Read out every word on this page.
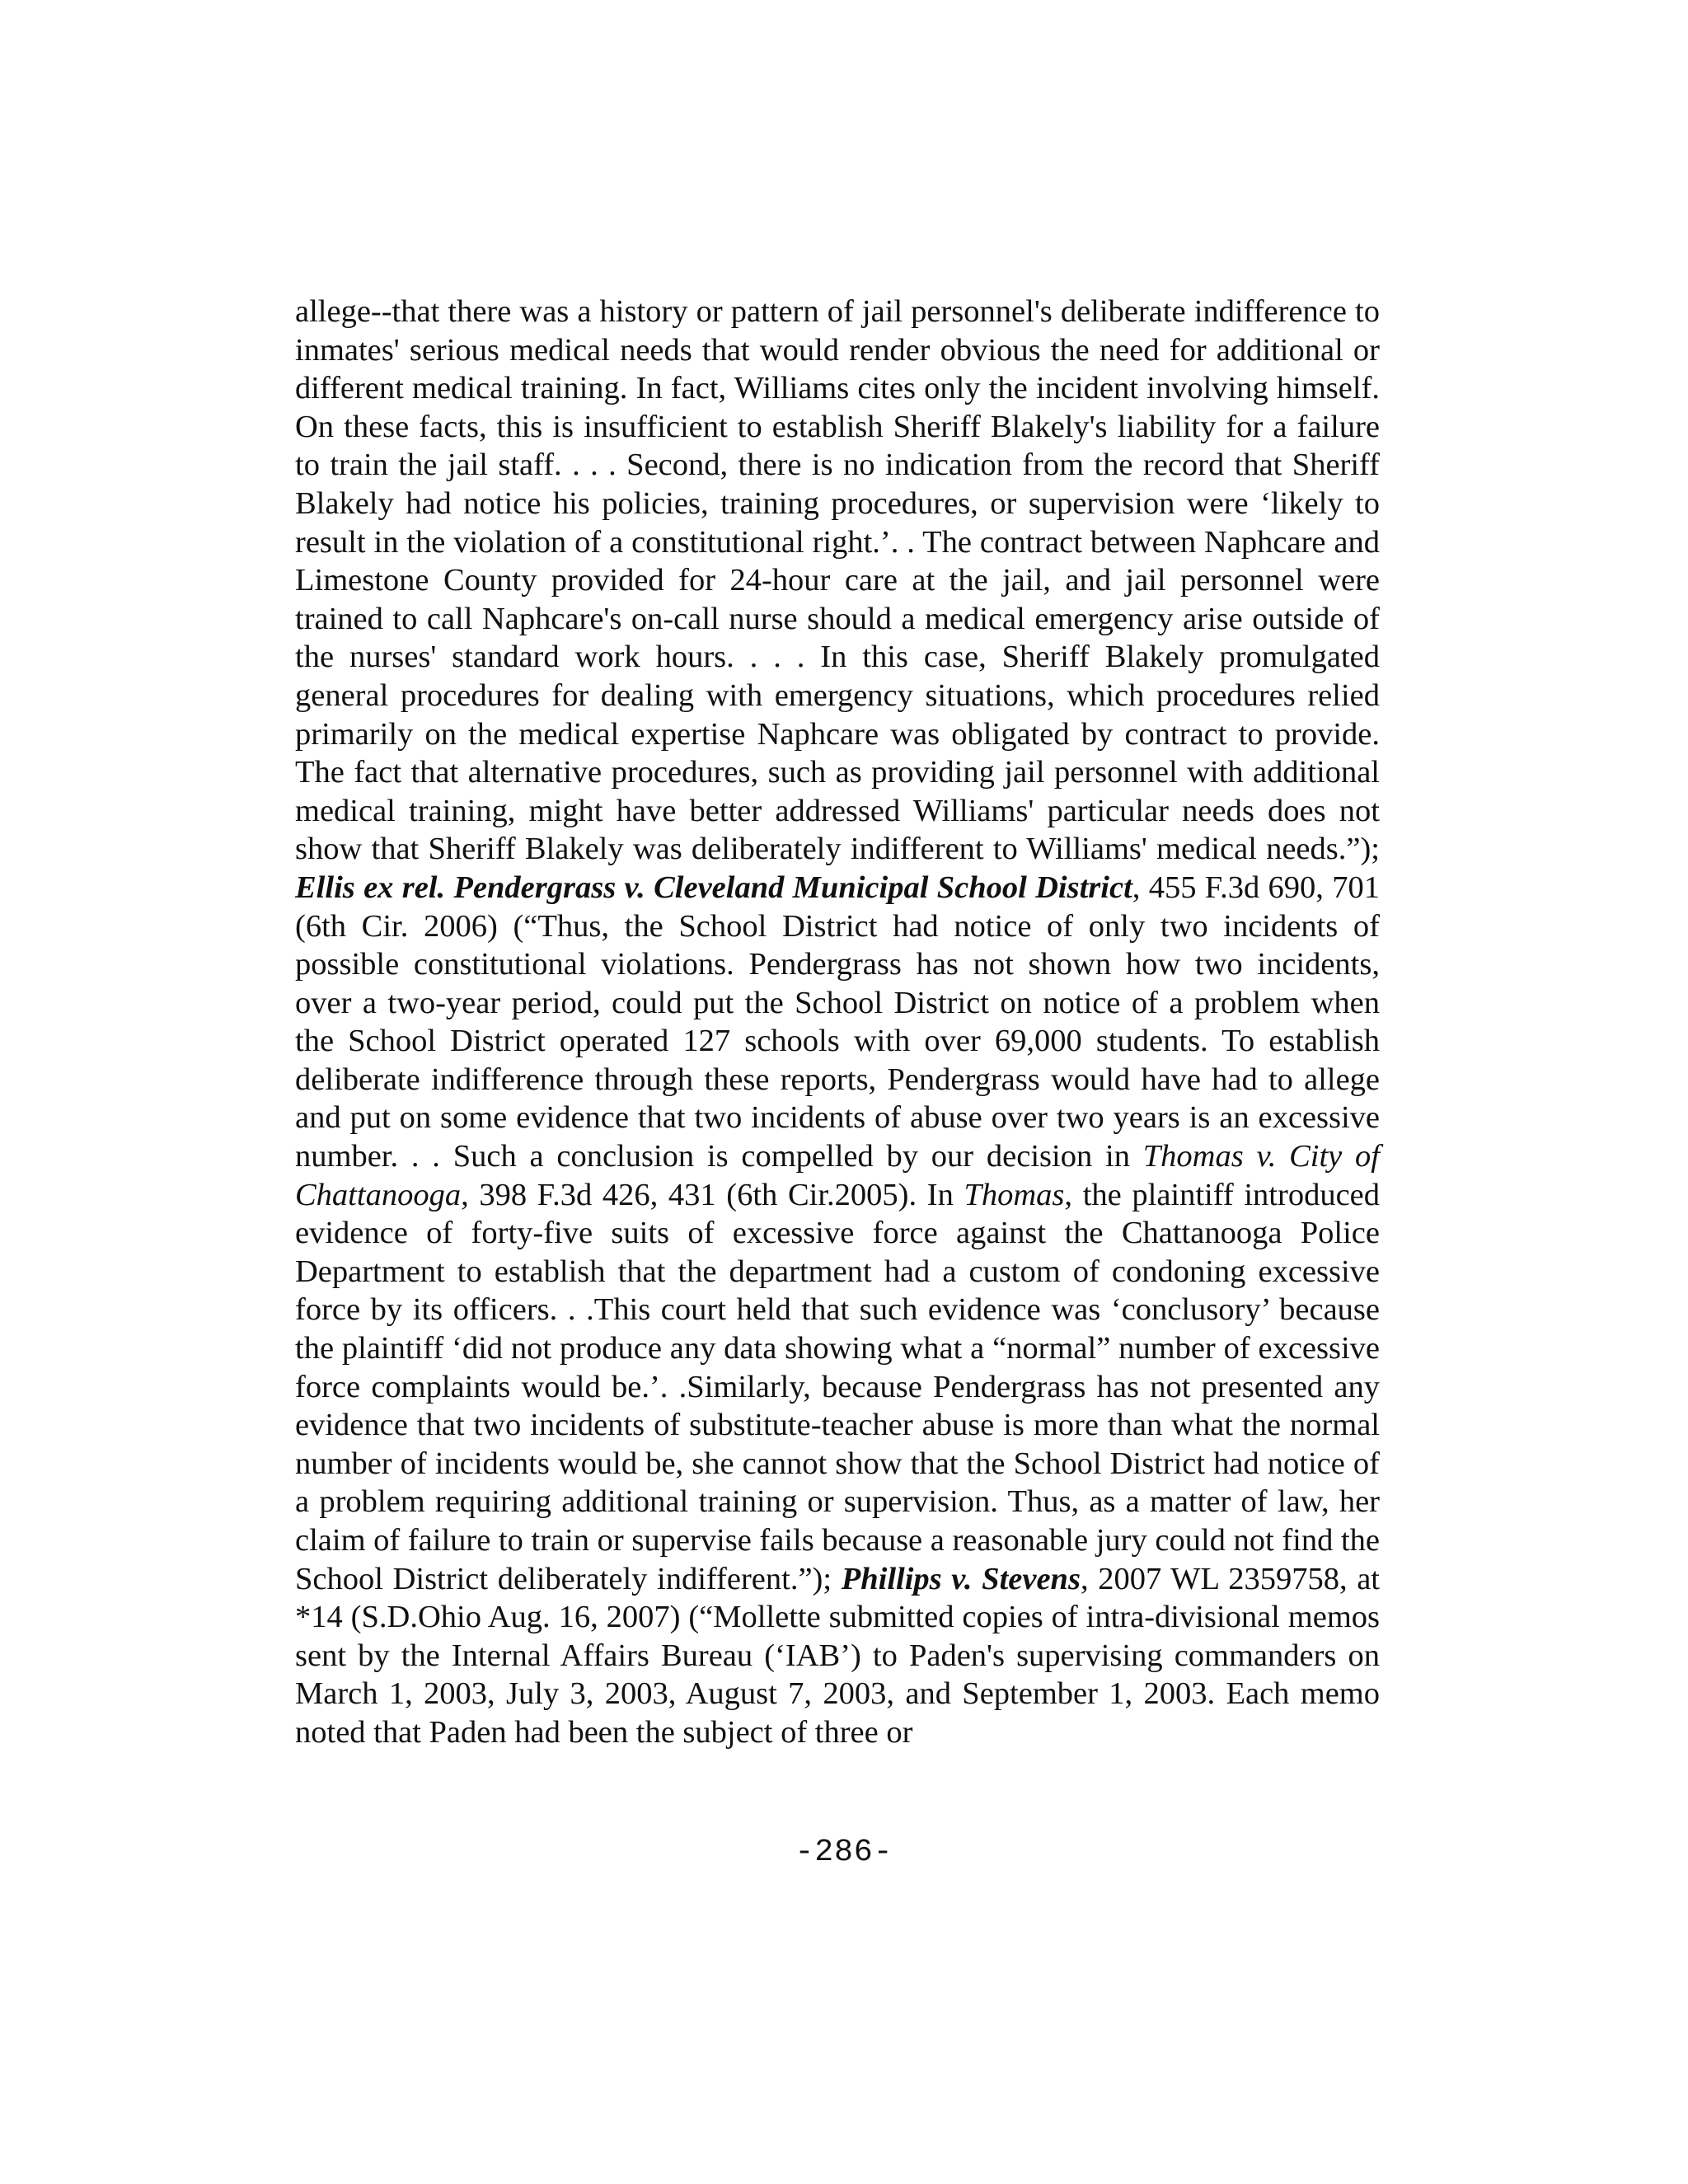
allege--that there was a history or pattern of jail personnel's deliberate indifference to inmates' serious medical needs that would render obvious the need for additional or different medical training. In fact, Williams cites only the incident involving himself. On these facts, this is insufficient to establish Sheriff Blakely's liability for a failure to train the jail staff. . . . Second, there is no indication from the record that Sheriff Blakely had notice his policies, training procedures, or supervision were ‘likely to result in the violation of a constitutional right.’. . The contract between Naphcare and Limestone County provided for 24-hour care at the jail, and jail personnel were trained to call Naphcare's on-call nurse should a medical emergency arise outside of the nurses' standard work hours. . . . In this case, Sheriff Blakely promulgated general procedures for dealing with emergency situations, which procedures relied primarily on the medical expertise Naphcare was obligated by contract to provide. The fact that alternative procedures, such as providing jail personnel with additional medical training, might have better addressed Williams' particular needs does not show that Sheriff Blakely was deliberately indifferent to Williams' medical needs.”); Ellis ex rel. Pendergrass v. Cleveland Municipal School District, 455 F.3d 690, 701 (6th Cir. 2006) (“Thus, the School District had notice of only two incidents of possible constitutional violations. Pendergrass has not shown how two incidents, over a two-year period, could put the School District on notice of a problem when the School District operated 127 schools with over 69,000 students. To establish deliberate indifference through these reports, Pendergrass would have had to allege and put on some evidence that two incidents of abuse over two years is an excessive number. . . Such a conclusion is compelled by our decision in Thomas v. City of Chattanooga, 398 F.3d 426, 431 (6th Cir.2005). In Thomas, the plaintiff introduced evidence of forty-five suits of excessive force against the Chattanooga Police Department to establish that the department had a custom of condoning excessive force by its officers. . .This court held that such evidence was ‘conclusory’ because the plaintiff ‘did not produce any data showing what a “normal” number of excessive force complaints would be.’. .Similarly, because Pendergrass has not presented any evidence that two incidents of substitute-teacher abuse is more than what the normal number of incidents would be, she cannot show that the School District had notice of a problem requiring additional training or supervision. Thus, as a matter of law, her claim of failure to train or supervise fails because a reasonable jury could not find the School District deliberately indifferent.”); Phillips v. Stevens, 2007 WL 2359758, at *14 (S.D.Ohio Aug. 16, 2007) (“Mollette submitted copies of intra-divisional memos sent by the Internal Affairs Bureau (‘IAB’) to Paden's supervising commanders on March 1, 2003, July 3, 2003, August 7, 2003, and September 1, 2003. Each memo noted that Paden had been the subject of three or

-286-
